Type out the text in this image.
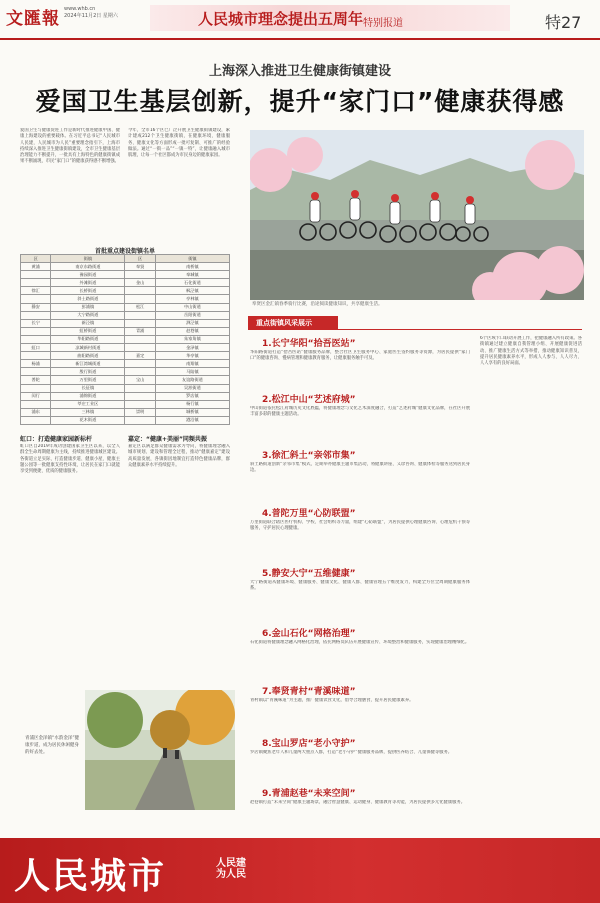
文匯報 www.whb.cn
2024年11月2日 星期六	人民城市理念提出五周年 特别报道	特27
上海深入推进卫生健康街镇建设
爱国卫生基层创新，提升“家门口”健康获得感
爱国卫生与健康促进工作是新时代推进健康中国、健康上海建设的重要载体。在习近平总书记“人民城市人民建，人民城市为人民”重要理念指引下，上海市持续深入推进卫生健康街镇建设，全市卫生健康基层治理能力不断提升，一批具有上海特色的健康街镇成果不断涌现，市民“家门口”的健康获得感不断增强。
今年，全市16个区已广泛开展卫生健康街镇建设，累计建成212个卫生健康街镇，在健康环境、健康服务、健康文化等方面形成一批可复制、可推广的经验做法。通过“一街一品”“一镇一特”，让健康融入城市肌理，让每一个社区都成为市民身边的健康家园。
首批重点建设街镇名单
区	街镇	区	街镇
黄浦	南京东路街道	奉贤	南桥镇
	豫园街道		奉城镇
	外滩街道	金山	石化街道
徐汇	长桥街道		枫泾镇
	斜土路街道		亭林镇
静安	彭浦镇	松江	中山街道
	大宁路街道		岳阳街道
长宁	新泾镇		泗泾镇
	虹桥街道	青浦	赵巷镇
	华阳路街道		朱家角镇
虹口	凉城新村街道		金泽镇
	曲阳路街道	嘉定	华亭镇
杨浦	新江湾城街道		南翔镇
	殷行街道		马陆镇
普陀	万里街道	宝山	友谊路街道
	长征镇		吴淞街道
闵行	浦锦街道		罗店镇
	莘庄工业区		杨行镇
浦东	三林镇	崇明	城桥镇
	花木街道		港沿镇
虹口：打造健康家园新标杆
虹口区自2019年成功创建国家卫生区以来，以全人群全生命周期健康为主线，持续推进健康城区建设。各街道立足实际，打造健康步道、健康小屋、健康主题公园等一批健康支持性环境，让居民在家门口就能享受到便捷、优质的健康服务。
嘉定：“健康+美丽”同频共振
嘉定区以满足群众健康需求为导向，将健康理念融入城市规划、建设和管理全过程，推动“健康嘉定”建设高质量发展，各镇街因地制宜打造特色健康品牌，群众健康素养水平持续提升。
奉贤区金汇镇春季骑行比赛，沿途阅读健康知识，共享健康生活。
重点街镇风采展示
1.长宁华阳“拾吾医站”
华阳路街道打造“拾吾医站”健康服务品牌，整合社区卫生服务中心、家庭医生签约服务等资源，为居民提供“家门口”的健康咨询、慢病管理和健康教育服务，让健康服务触手可及。
2.松江中山“艺述府城”
中山街道依托松江府城历史文化底蕴，将健康理念与文化艺术深度融合，打造“艺述府城”健康文化品牌，在社区开展丰富多彩的健康主题活动。
3.徐汇斜土“亲邻市集”
斜土路街道创新“亲邻市集”模式，定期举办健康主题市集活动，将健康讲座、义诊咨询、健康体检等服务送到居民身边。
4.普陀万里“心防联盟”
万里街道联合辖区医疗机构、学校、社会组织等力量，组建“心防联盟”，为居民提供心理健康咨询、心理危机干预等服务，守护居民心理健康。
5.静安大宁“五维健康”
大宁路街道从健康环境、健康服务、健康文化、健康人群、健康管理五个维度发力，构建全方位全周期健康服务体系。
6.金山石化“网格治理”
石化街道将健康理念融入网格化治理，依托网格员队伍开展健康宣传、环境整治和健康服务，实现健康治理精细化。
7.奉贤青村“青溪味道”
青村镇以“青溪味道”为主题，推广健康饮食文化，倡导合理膳食，提升居民健康素养。
8.宝山罗店“老小守护”
罗店镇聚焦老年人和儿童两大重点人群，打造“老小守护”健康服务品牌，提供医养结合、儿童保健等服务。
9.青浦赵巷“未来空间”
赵巷镇打造“未来空间”健康主题场景，融合智慧健康、运动健身、健康教育等功能，为居民提供多元化健康服务。
6个区域卡口联动开展工作，把健康融入所有政策。各街镇通过建立健康自我管理小组、开展健康促进活动、推广健康生活方式等举措，推动健康知识普及，提升居民健康素养水平，形成人人参与、人人尽力、人人享有的良好局面。
青浦区金泽镇“水韵金泽”健康步道，成为居民休闲健身的好去处。
人民城市	人民建
为人民
